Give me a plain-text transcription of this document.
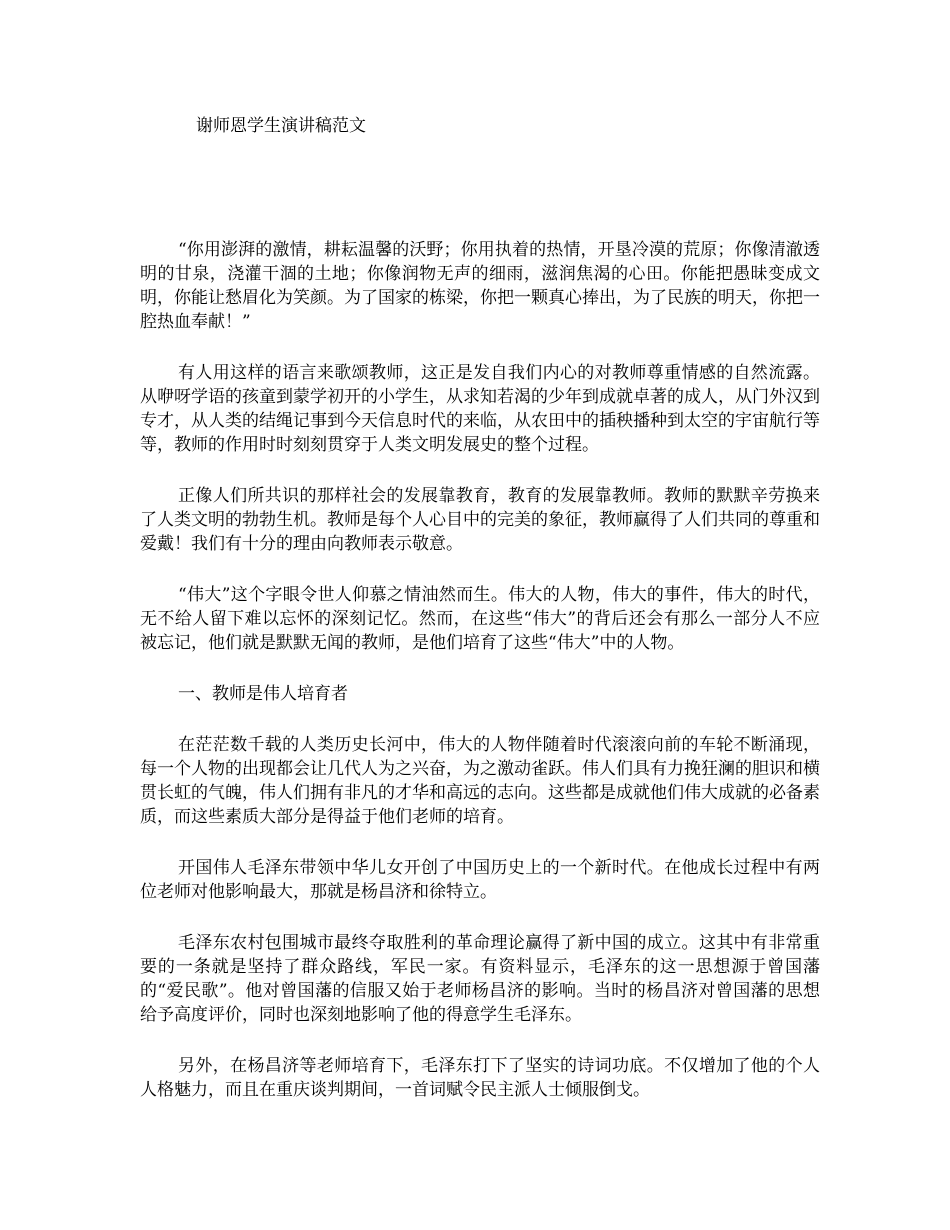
谢师恩学生演讲稿范文

“你用澎湃的激情，耕耘温馨的沃野；你用执着的热情，开垦冷漠的荒原；你像清澈透明的甘泉，浇灌干涸的土地；你像润物无声的细雨，滋润焦渴的心田。你能把愚昧变成文明，你能让愁眉化为笑颜。为了国家的栋梁，你把一颗真心捧出，为了民族的明天，你把一腔热血奉献！”

有人用这样的语言来歌颂教师，这正是发自我们内心的对教师尊重情感的自然流露。从咿呀学语的孩童到蒙学初开的小学生，从求知若渴的少年到成就卓著的成人，从门外汉到专才，从人类的结绳记事到今天信息时代的来临，从农田中的插秧播种到太空的宇宙航行等等，教师的作用时时刻刻贯穿于人类文明发展史的整个过程。

正像人们所共识的那样社会的发展靠教育，教育的发展靠教师。教师的默默辛劳换来了人类文明的勃勃生机。教师是每个人心目中的完美的象征，教师赢得了人们共同的尊重和爱戴！我们有十分的理由向教师表示敬意。

“伟大”这个字眼令世人仰慕之情油然而生。伟大的人物，伟大的事件，伟大的时代，无不给人留下难以忘怀的深刻记忆。然而，在这些“伟大”的背后还会有那么一部分人不应被忘记，他们就是默默无闻的教师，是他们培育了这些“伟大”中的人物。

一、教师是伟人培育者

在茫茫数千载的人类历史长河中，伟大的人物伴随着时代滚滚向前的车轮不断涌现，每一个人物的出现都会让几代人为之兴奋，为之激动雀跃。伟人们具有力挽狂澜的胆识和横贯长虹的气魄，伟人们拥有非凡的才华和高远的志向。这些都是成就他们伟大成就的必备素质，而这些素质大部分是得益于他们老师的培育。

开国伟人毛泽东带领中华儿女开创了中国历史上的一个新时代。在他成长过程中有两位老师对他影响最大，那就是杨昌济和徐特立。

毛泽东农村包围城市最终夺取胜利的革命理论赢得了新中国的成立。这其中有非常重要的一条就是坚持了群众路线，军民一家。有资料显示，毛泽东的这一思想源于曾国藩的“爱民歌”。他对曾国藩的信服又始于老师杨昌济的影响。当时的杨昌济对曾国藩的思想给予高度评价，同时也深刻地影响了他的得意学生毛泽东。

另外，在杨昌济等老师培育下，毛泽东打下了坚实的诗词功底。不仅增加了他的个人人格魅力，而且在重庆谈判期间，一首词赋令民主派人士倾服倒戈。
